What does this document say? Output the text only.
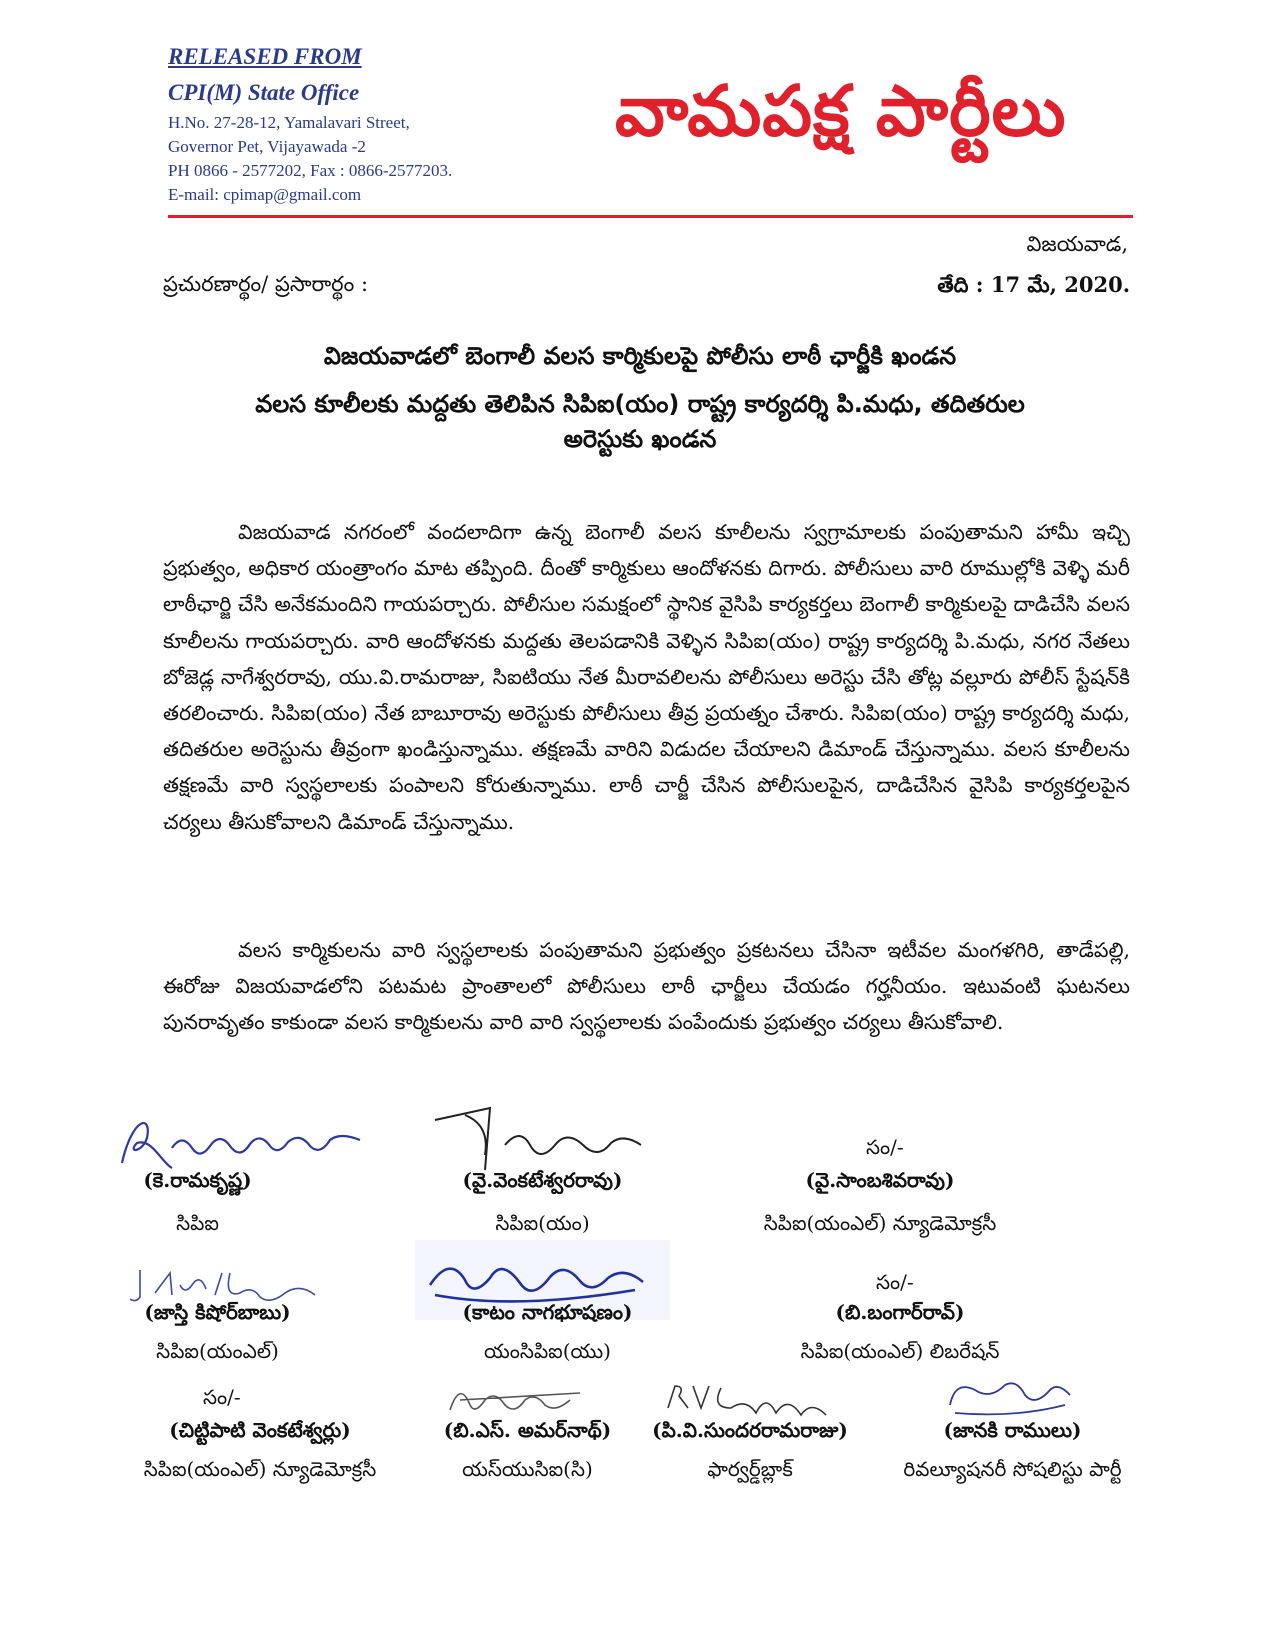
RELEASED FROM
CPI(M) State Office
H.No. 27-28-12, Yamalavari Street,
Governor Pet, Vijayawada -2
PH 0866 - 2577202, Fax : 0866-2577203.
E-mail: cpimap@gmail.com
వామపక్ష పార్టీలు
విజయవాడ,
ప్రచురణార్థం/ ప్రసారార్థం :	తేది : 17 మే, 2020.
విజయవాడలో బెంగాలీ వలస కార్మికులపై పోలీసు లాఠీ ఛార్జీకి ఖండన
వలస కూలీలకు మద్దతు తెలిపిన సిపిఐ(యం) రాష్ట్ర కార్యదర్శి పి.మధు, తదితరుల
అరెస్టుకు ఖండన

విజయవాడ నగరంలో వందలాదిగా ఉన్న బెంగాలీ వలస కూలీలను స్వగ్రామాలకు పంపుతామని హామీ ఇచ్చి ప్రభుత్వం, అధికార యంత్రాంగం మాట తప్పింది. దీంతో కార్మికులు ఆందోళనకు దిగారు. పోలీసులు వారి రూముల్లోకి వెళ్ళి మరీ లాఠీఛార్జి చేసి అనేకమందిని గాయపర్చారు. పోలీసుల సమక్షంలో స్థానిక వైసిపి కార్యకర్తలు బెంగాలీ కార్మికులపై దాడిచేసి వలస కూలీలను గాయపర్చారు. వారి ఆందోళనకు మద్దతు తెలపడానికి వెళ్ళిన సిపిఐ(యం) రాష్ట్ర కార్యదర్శి పి.మధు, నగర నేతలు బోజెడ్ల నాగేశ్వరరావు, యు.వి.రామరాజు, సిఐటియు నేత మీరావలిలను పోలీసులు అరెస్టు చేసి తోట్ల వల్లూరు పోలీస్ స్టేషన్‌కి తరలించారు. సిపిఐ(యం) నేత బాబూరావు అరెస్టుకు పోలీసులు తీవ్ర ప్రయత్నం చేశారు. సిపిఐ(యం) రాష్ట్ర కార్యదర్శి మధు, తదితరుల అరెస్టును తీవ్రంగా ఖండిస్తున్నాము. తక్షణమే వారిని విడుదల చేయాలని డిమాండ్ చేస్తున్నాము. వలస కూలీలను తక్షణమే వారి స్వస్థలాలకు పంపాలని కోరుతున్నాము. లాఠీ చార్జీ చేసిన పోలీసులపైన, దాడిచేసిన వైసిపి కార్యకర్తలపైన చర్యలు తీసుకోవాలని డిమాండ్ చేస్తున్నాము.

వలస కార్మికులను వారి స్వస్థలాలకు పంపుతామని ప్రభుత్వం ప్రకటనలు చేసినా ఇటీవల మంగళగిరి, తాడేపల్లి, ఈరోజు విజయవాడలోని పటమట ప్రాంతాలలో పోలీసులు లాఠీ ఛార్జీలు చేయడం గర్హనీయం. ఇటువంటి ఘటనలు పునరావృతం కాకుండా వలస కార్మికులను వారి వారి స్వస్థలాలకు పంపేందుకు ప్రభుత్వం చర్యలు తీసుకోవాలి.

(కె.రామకృష్ణ)
సిపిఐ
(వై.వెంకటేశ్వరరావు)
సిపిఐ(యం)
సం/-
(వై.సాంబశివరావు)
సిపిఐ(యంఎల్) న్యూడెమోక్రసీ
(జాస్తి కిషోర్‌బాబు)
సిపిఐ(యంఎల్)
(కాటం నాగభూషణం)
యంసిపిఐ(యు)
సం/-
(బి.బంగార్‌రావ్)
సిపిఐ(యంఎల్) లిబరేషన్
సం/-
(చిట్టిపాటి వెంకటేశ్వర్లు)
సిపిఐ(యంఎల్) న్యూడెమోక్రసీ
(బి.ఎస్. అమర్‌నాథ్)
యస్‌యుసిఐ(సి)
(పి.వి.సుందరరామరాజు)
ఫార్వర్డ్‌బ్లాక్
(జానకి రాములు)
రివల్యూషనరీ సోషలిస్టు పార్టీ
